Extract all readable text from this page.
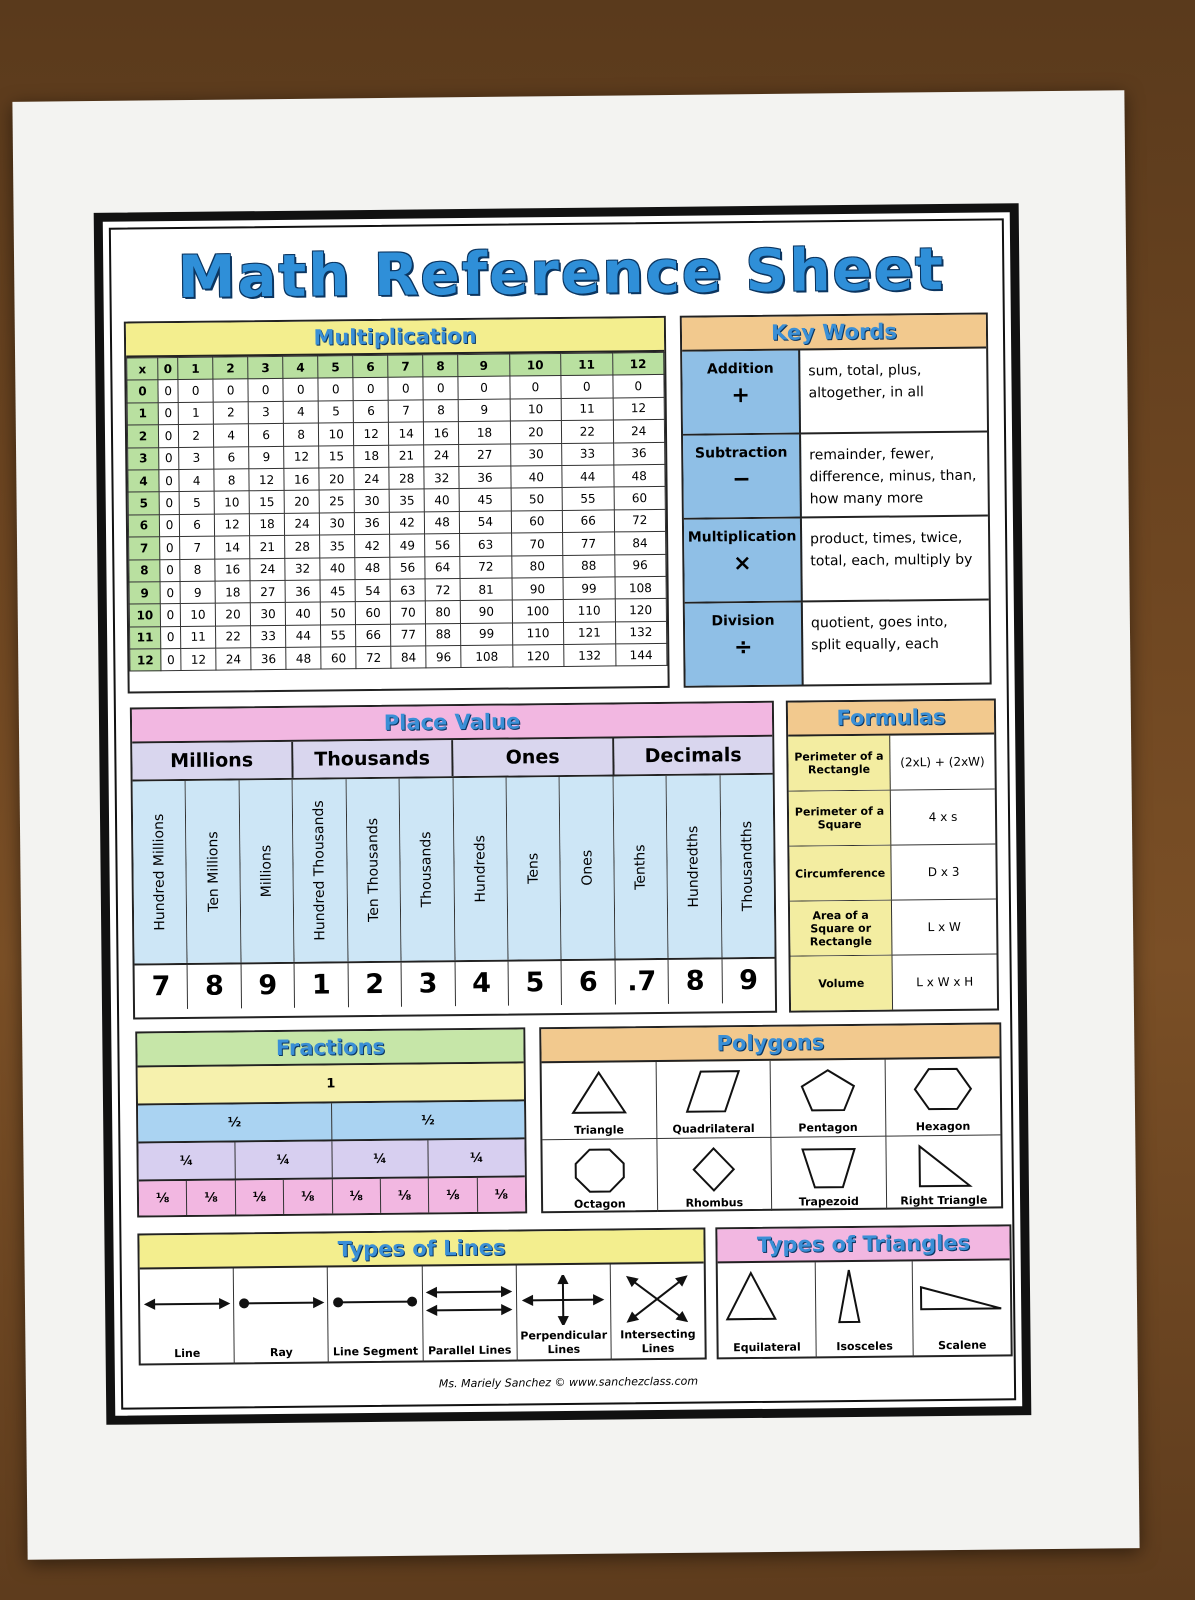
Math Reference Sheet
Multiplication
x	0	1	2	3	4	5	6	7	8	9	10	11	12
0	0	0	0	0	0	0	0	0	0	0	0	0	0
1	0	1	2	3	4	5	6	7	8	9	10	11	12
2	0	2	4	6	8	10	12	14	16	18	20	22	24
3	0	3	6	9	12	15	18	21	24	27	30	33	36
4	0	4	8	12	16	20	24	28	32	36	40	44	48
5	0	5	10	15	20	25	30	35	40	45	50	55	60
6	0	6	12	18	24	30	36	42	48	54	60	66	72
7	0	7	14	21	28	35	42	49	56	63	70	77	84
8	0	8	16	24	32	40	48	56	64	72	80	88	96
9	0	9	18	27	36	45	54	63	72	81	90	99	108
10	0	10	20	30	40	50	60	70	80	90	100	110	120
11	0	11	22	33	44	55	66	77	88	99	110	121	132
12	0	12	24	36	48	60	72	84	96	108	120	132	144
Key Words
Addition
+
sum, total, plus, altogether, in all
Subtraction
−
remainder, fewer, difference, minus, than, how many more
Multiplication
×
product, times, twice, total, each, multiply by
Division
÷
quotient, goes into, split equally, each
Place Value
Millions	Thousands	Ones	Decimals
Hundred Millions	Ten Millions	Millions	Hundred Thousands	Ten Thousands	Thousands	Hundreds	Tens	Ones	Tenths	Hundredths	Thousandths
7	8	9	1	2	3	4	5	6	.7	8	9
Formulas
Perimeter of a Rectangle
(2xL) + (2xW)
Perimeter of a Square
4 x s
Circumference	D x 3
Area of a Square or Rectangle
L x W
Volume	L x W x H
Fractions
1
½	½
¼	¼	¼	¼
⅛	⅛	⅛	⅛	⅛	⅛	⅛	⅛
Polygons
Triangle	Quadrilateral	Pentagon	Hexagon
Octagon	Rhombus	Trapezoid	Right Triangle
Types of Lines
Line	Ray	Line Segment Parallel Lines
Perpendicular Lines
Intersecting Lines
Types of Triangles
Equilateral	Isosceles	Scalene
Ms. Mariely Sanchez © www.sanchezclass.com
